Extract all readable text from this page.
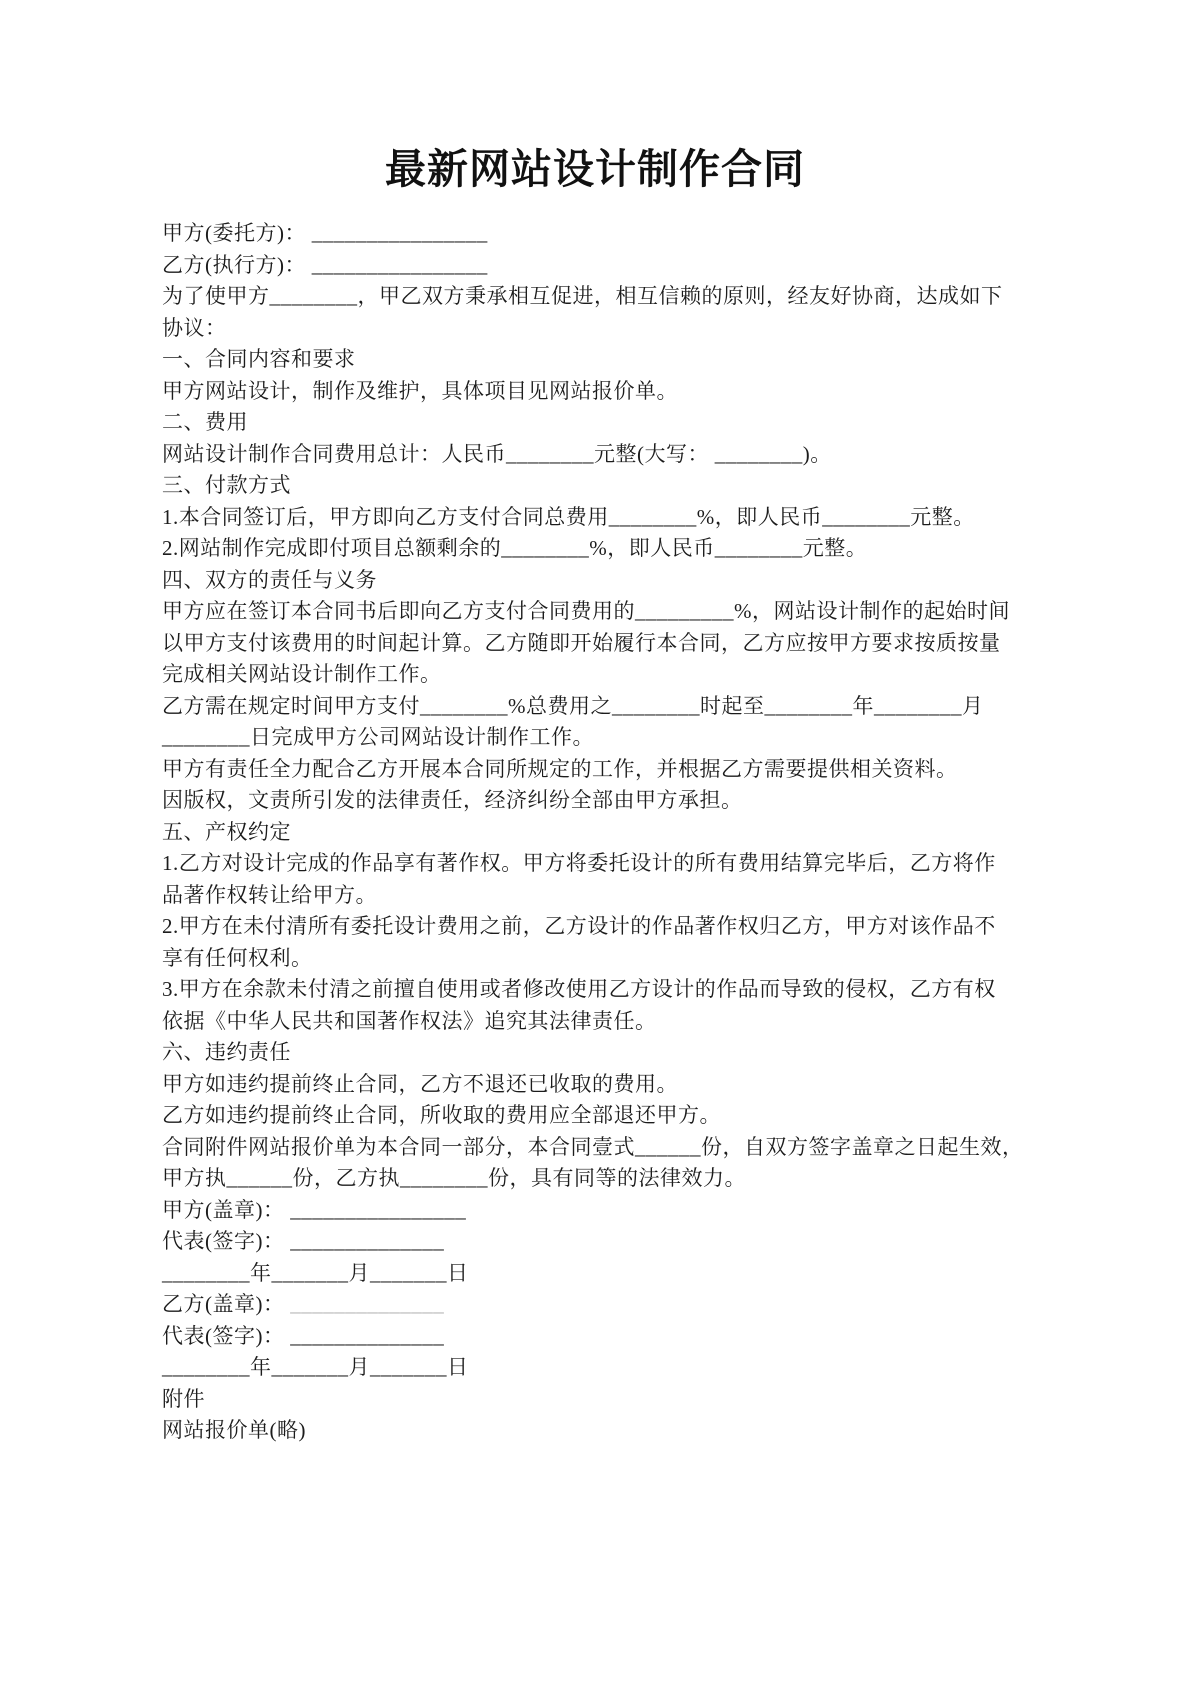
最新网站设计制作合同
甲方(委托方)： ________________
乙方(执行方)： ________________
为了使甲方________，甲乙双方秉承相互促进，相互信赖的原则，经友好协商，达成如下
协议：
一、合同内容和要求
甲方网站设计，制作及维护，具体项目见网站报价单。
二、费用
网站设计制作合同费用总计：人民币________元整(大写： ________)。
三、付款方式
1.本合同签订后，甲方即向乙方支付合同总费用________%，即人民币________元整。
2.网站制作完成即付项目总额剩余的________%，即人民币________元整。
四、双方的责任与义务
甲方应在签订本合同书后即向乙方支付合同费用的_________%，网站设计制作的起始时间
以甲方支付该费用的时间起计算。乙方随即开始履行本合同，乙方应按甲方要求按质按量
完成相关网站设计制作工作。
乙方需在规定时间甲方支付________%总费用之________时起至________年________月
________日完成甲方公司网站设计制作工作。
甲方有责任全力配合乙方开展本合同所规定的工作，并根据乙方需要提供相关资料。
因版权，文责所引发的法律责任，经济纠纷全部由甲方承担。
五、产权约定
1.乙方对设计完成的作品享有著作权。甲方将委托设计的所有费用结算完毕后，乙方将作
品著作权转让给甲方。
2.甲方在未付清所有委托设计费用之前，乙方设计的作品著作权归乙方，甲方对该作品不
享有任何权利。
3.甲方在余款未付清之前擅自使用或者修改使用乙方设计的作品而导致的侵权，乙方有权
依据《中华人民共和国著作权法》追究其法律责任。
六、违约责任
甲方如违约提前终止合同，乙方不退还已收取的费用。
乙方如违约提前终止合同，所收取的费用应全部退还甲方。
合同附件网站报价单为本合同一部分，本合同壹式______份，自双方签字盖章之日起生效，
甲方执______份，乙方执________份，具有同等的法律效力。
甲方(盖章)： ________________
代表(签字)： ______________
________年_______月_______日
乙方(盖章)： ______________
代表(签字)： ______________
________年_______月_______日
附件
网站报价单(略)
